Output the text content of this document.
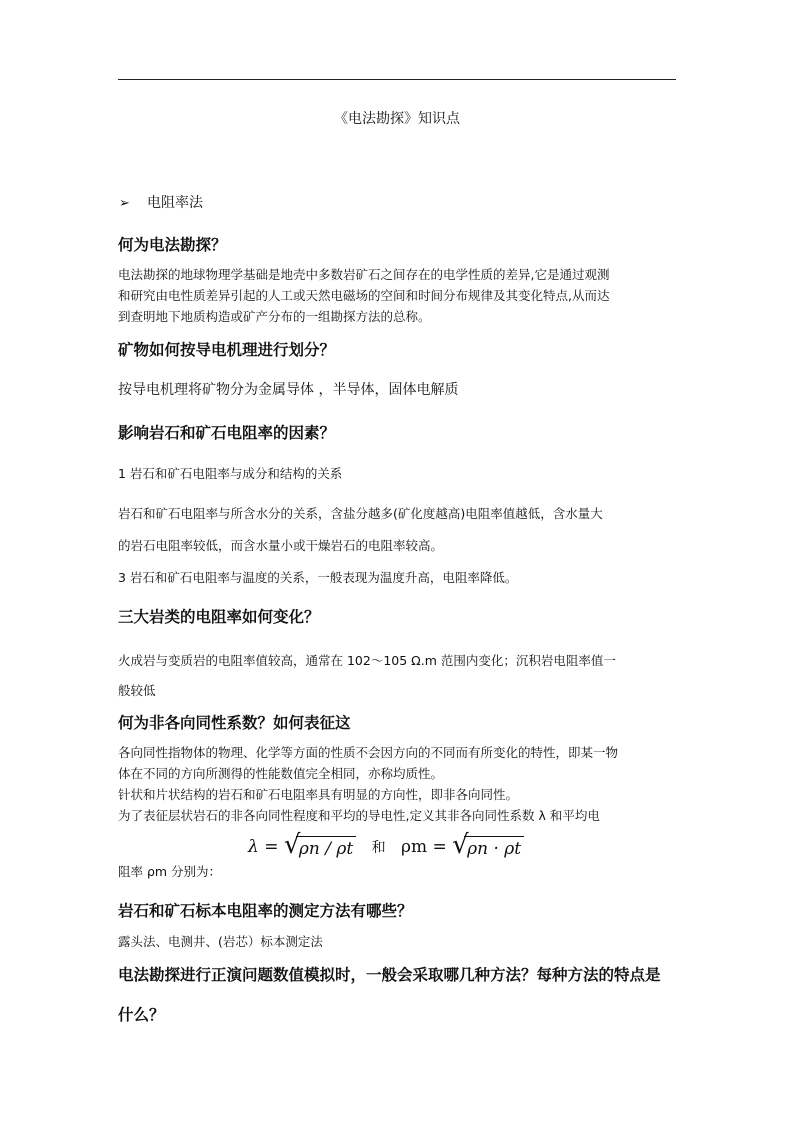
《电法勘探》知识点
➢ 电阻率法
何为电法勘探？
电法勘探的地球物理学基础是地壳中多数岩矿石之间存在的电学性质的差异,它是通过观测
和研究由电性质差异引起的人工或天然电磁场的空间和时间分布规律及其变化特点,从而达
到查明地下地质构造或矿产分布的一组勘探方法的总称。
矿物如何按导电机理进行划分？
按导电机理将矿物分为金属导体 ，半导体，固体电解质
影响岩石和矿石电阻率的因素？
1 岩石和矿石电阻率与成分和结构的关系
岩石和矿石电阻率与所含水分的关系，含盐分越多(矿化度越高)电阻率值越低，含水量大
的岩石电阻率较低，而含水量小或干燥岩石的电阻率较高。
3 岩石和矿石电阻率与温度的关系，一般表现为温度升高，电阻率降低。
三大岩类的电阻率如何变化？
火成岩与变质岩的电阻率值较高，通常在 102～105 Ω.m 范围内变化；沉积岩电阻率值一
般较低
何为非各向同性系数？如何表征这
各向同性指物体的物理、化学等方面的性质不会因方向的不同而有所变化的特性，即某一物
体在不同的方向所测得的性能数值完全相同，亦称均质性。
针状和片状结构的岩石和矿石电阻率具有明显的方向性，即非各向同性。
为了表征层状岩石的非各向同性程度和平均的导电性,定义其非各向同性系数 λ 和平均电
阻率 ρm 分别为：
λ = √
ρn / ρt 和 ρm = √
ρn · ρt
岩石和矿石标本电阻率的测定方法有哪些？
露头法、电测井、(岩芯）标本测定法
电法勘探进行正演问题数值模拟时，一般会采取哪几种方法？每种方法的特点是
什么？
